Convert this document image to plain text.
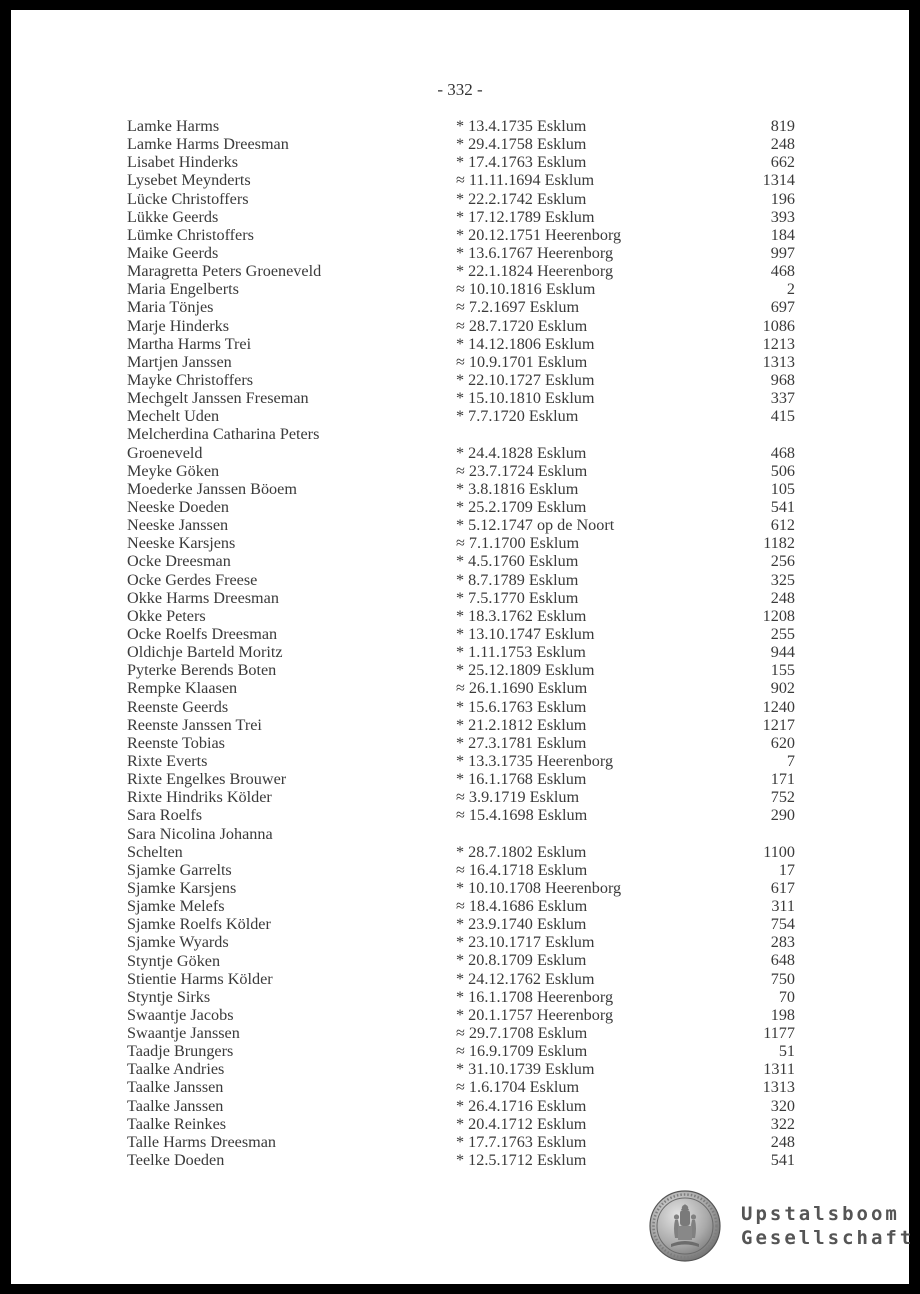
- 332 -
Lamke Harms	* 13.4.1735 Esklum	819
Lamke Harms Dreesman	* 29.4.1758 Esklum	248
Lisabet Hinderks	* 17.4.1763 Esklum	662
Lysebet Meynderts	≈ 11.11.1694 Esklum	1314
Lücke Christoffers	* 22.2.1742 Esklum	196
Lükke Geerds	* 17.12.1789 Esklum	393
Lümke Christoffers	* 20.12.1751 Heerenborg	184
Maike Geerds	* 13.6.1767 Heerenborg	997
Maragretta Peters Groeneveld	* 22.1.1824 Heerenborg	468
Maria Engelberts	≈ 10.10.1816 Esklum	2
Maria Tönjes	≈ 7.2.1697 Esklum	697
Marje Hinderks	≈ 28.7.1720 Esklum	1086
Martha Harms Trei	* 14.12.1806 Esklum	1213
Martjen Janssen	≈ 10.9.1701 Esklum	1313
Mayke Christoffers	* 22.10.1727 Esklum	968
Mechgelt Janssen Freseman	* 15.10.1810 Esklum	337
Mechelt Uden	* 7.7.1720 Esklum	415
Melcherdina Catharina Peters
Groeneveld	* 24.4.1828 Esklum	468
Meyke Göken	≈ 23.7.1724 Esklum	506
Moederke Janssen Böoem	* 3.8.1816 Esklum	105
Neeske Doeden	* 25.2.1709 Esklum	541
Neeske Janssen	* 5.12.1747 op de Noort	612
Neeske Karsjens	≈ 7.1.1700 Esklum	1182
Ocke Dreesman	* 4.5.1760 Esklum	256
Ocke Gerdes Freese	* 8.7.1789 Esklum	325
Okke Harms Dreesman	* 7.5.1770 Esklum	248
Okke Peters	* 18.3.1762 Esklum	1208
Ocke Roelfs Dreesman	* 13.10.1747 Esklum	255
Oldichje Barteld Moritz	* 1.11.1753 Esklum	944
Pyterke Berends Boten	* 25.12.1809 Esklum	155
Rempke Klaasen	≈ 26.1.1690 Esklum	902
Reenste Geerds	* 15.6.1763 Esklum	1240
Reenste Janssen Trei	* 21.2.1812 Esklum	1217
Reenste Tobias	* 27.3.1781 Esklum	620
Rixte Everts	* 13.3.1735 Heerenborg	7
Rixte Engelkes Brouwer	* 16.1.1768 Esklum	171
Rixte Hindriks Kölder	≈ 3.9.1719 Esklum	752
Sara Roelfs	≈ 15.4.1698 Esklum	290
Sara Nicolina Johanna
Schelten	* 28.7.1802 Esklum	1100
Sjamke Garrelts	≈ 16.4.1718 Esklum	17
Sjamke Karsjens	* 10.10.1708 Heerenborg	617
Sjamke Melefs	≈ 18.4.1686 Esklum	311
Sjamke Roelfs Kölder	* 23.9.1740 Esklum	754
Sjamke Wyards	* 23.10.1717 Esklum	283
Styntje Göken	* 20.8.1709 Esklum	648
Stientie Harms Kölder	* 24.12.1762 Esklum	750
Styntje Sirks	* 16.1.1708 Heerenborg	70
Swaantje Jacobs	* 20.1.1757 Heerenborg	198
Swaantje Janssen	≈ 29.7.1708 Esklum	1177
Taadje Brungers	≈ 16.9.1709 Esklum	51
Taalke Andries	* 31.10.1739 Esklum	1311
Taalke Janssen	≈ 1.6.1704 Esklum	1313
Taalke Janssen	* 26.4.1716 Esklum	320
Taalke Reinkes	* 20.4.1712 Esklum	322
Talle Harms Dreesman	* 17.7.1763 Esklum	248
Teelke Doeden	* 12.5.1712 Esklum	541
Upstalsboom
Gesellschaft
